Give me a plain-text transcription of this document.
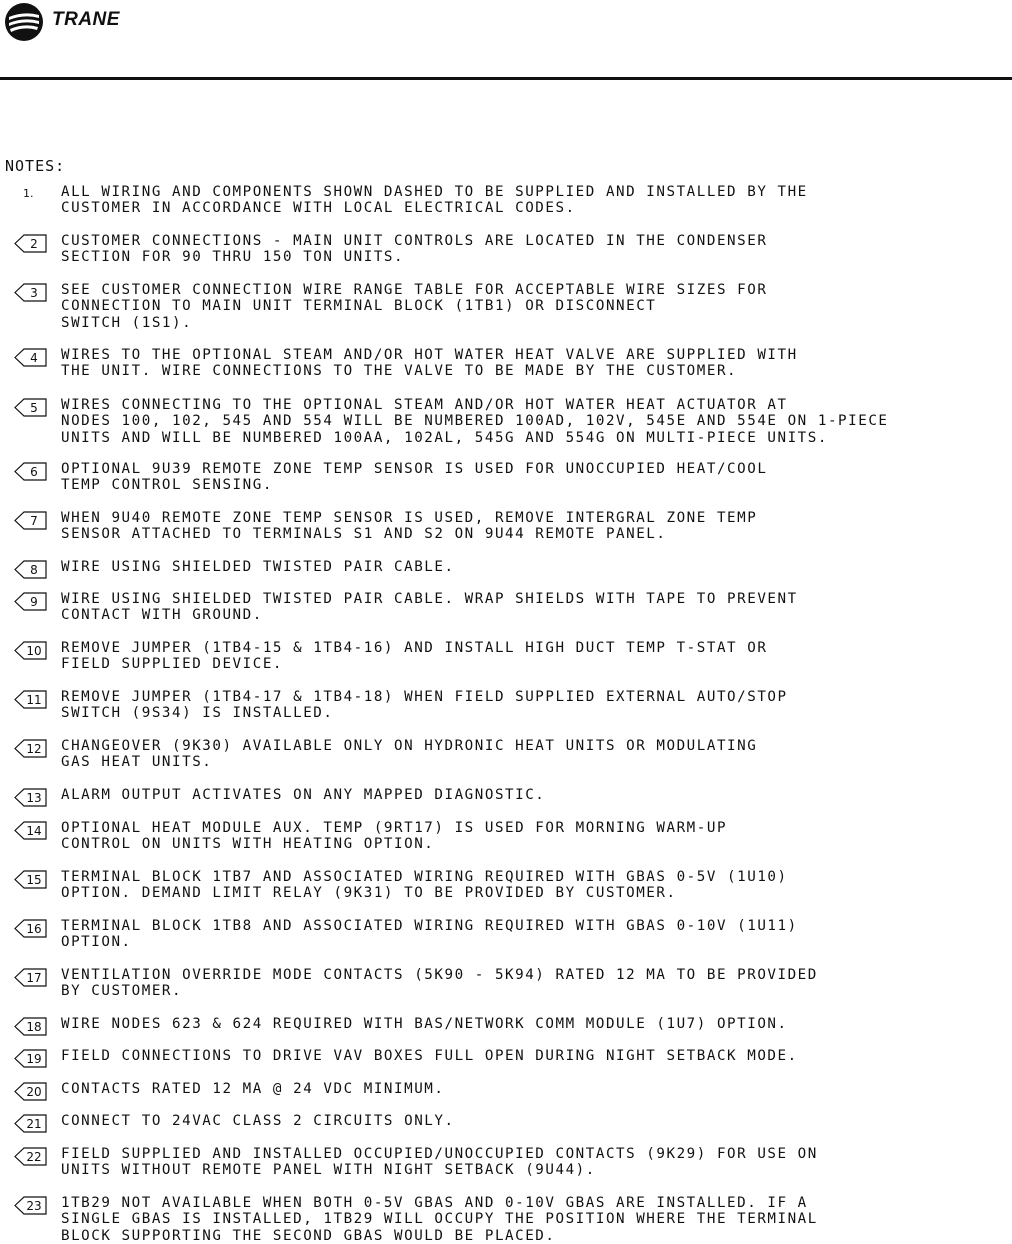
TRANE
NOTES:
1. ALL WIRING AND COMPONENTS SHOWN DASHED TO BE SUPPLIED AND INSTALLED BY THE
CUSTOMER IN ACCORDANCE WITH LOCAL ELECTRICAL CODES.
2 CUSTOMER CONNECTIONS - MAIN UNIT CONTROLS ARE LOCATED IN THE CONDENSER
SECTION FOR 90 THRU 150 TON UNITS.
3 SEE CUSTOMER CONNECTION WIRE RANGE TABLE FOR ACCEPTABLE WIRE SIZES FOR
CONNECTION TO MAIN UNIT TERMINAL BLOCK (1TB1) OR DISCONNECT
SWITCH (1S1).
4 WIRES TO THE OPTIONAL STEAM AND/OR HOT WATER HEAT VALVE ARE SUPPLIED WITH
THE UNIT. WIRE CONNECTIONS TO THE VALVE TO BE MADE BY THE CUSTOMER.
5 WIRES CONNECTING TO THE OPTIONAL STEAM AND/OR HOT WATER HEAT ACTUATOR AT
NODES 100, 102, 545 AND 554 WILL BE NUMBERED 100AD, 102V, 545E AND 554E ON 1-PIECE
UNITS AND WILL BE NUMBERED 100AA, 102AL, 545G AND 554G ON MULTI-PIECE UNITS.
6 OPTIONAL 9U39 REMOTE ZONE TEMP SENSOR IS USED FOR UNOCCUPIED HEAT/COOL
TEMP CONTROL SENSING.
7 WHEN 9U40 REMOTE ZONE TEMP SENSOR IS USED, REMOVE INTERGRAL ZONE TEMP
SENSOR ATTACHED TO TERMINALS S1 AND S2 ON 9U44 REMOTE PANEL.
8 WIRE USING SHIELDED TWISTED PAIR CABLE.
9 WIRE USING SHIELDED TWISTED PAIR CABLE. WRAP SHIELDS WITH TAPE TO PREVENT
CONTACT WITH GROUND.
10 REMOVE JUMPER (1TB4-15 & 1TB4-16) AND INSTALL HIGH DUCT TEMP T-STAT OR
FIELD SUPPLIED DEVICE.
11 REMOVE JUMPER (1TB4-17 & 1TB4-18) WHEN FIELD SUPPLIED EXTERNAL AUTO/STOP
SWITCH (9S34) IS INSTALLED.
12 CHANGEOVER (9K30) AVAILABLE ONLY ON HYDRONIC HEAT UNITS OR MODULATING
GAS HEAT UNITS.
13 ALARM OUTPUT ACTIVATES ON ANY MAPPED DIAGNOSTIC.
14 OPTIONAL HEAT MODULE AUX. TEMP (9RT17) IS USED FOR MORNING WARM-UP
CONTROL ON UNITS WITH HEATING OPTION.
15 TERMINAL BLOCK 1TB7 AND ASSOCIATED WIRING REQUIRED WITH GBAS 0-5V (1U10)
OPTION. DEMAND LIMIT RELAY (9K31) TO BE PROVIDED BY CUSTOMER.
16 TERMINAL BLOCK 1TB8 AND ASSOCIATED WIRING REQUIRED WITH GBAS 0-10V (1U11)
OPTION.
17 VENTILATION OVERRIDE MODE CONTACTS (5K90 - 5K94) RATED 12 MA TO BE PROVIDED
BY CUSTOMER.
18 WIRE NODES 623 & 624 REQUIRED WITH BAS/NETWORK COMM MODULE (1U7) OPTION.
19 FIELD CONNECTIONS TO DRIVE VAV BOXES FULL OPEN DURING NIGHT SETBACK MODE.
20 CONTACTS RATED 12 MA @ 24 VDC MINIMUM.
21 CONNECT TO 24VAC CLASS 2 CIRCUITS ONLY.
22 FIELD SUPPLIED AND INSTALLED OCCUPIED/UNOCCUPIED CONTACTS (9K29) FOR USE ON
UNITS WITHOUT REMOTE PANEL WITH NIGHT SETBACK (9U44).
23 1TB29 NOT AVAILABLE WHEN BOTH 0-5V GBAS AND 0-10V GBAS ARE INSTALLED. IF A
SINGLE GBAS IS INSTALLED, 1TB29 WILL OCCUPY THE POSITION WHERE THE TERMINAL
BLOCK SUPPORTING THE SECOND GBAS WOULD BE PLACED.
